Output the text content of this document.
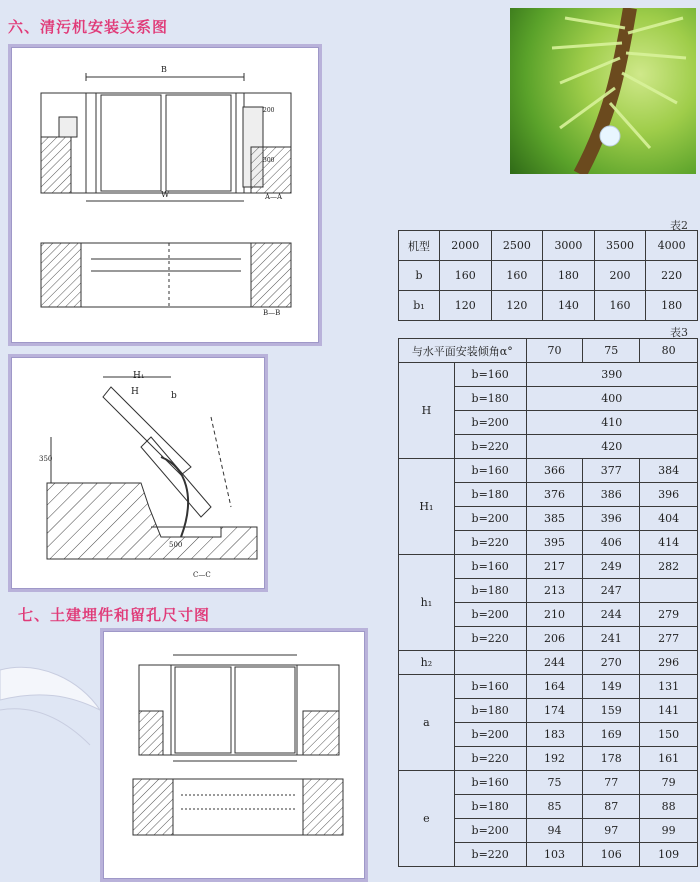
六、清污机安装关系图
七、土建埋件和留孔尺寸图
B
W
200
300
A—A
B—B
H₁
H	b
350
500
C—C
表2
机型	2000	2500	3000	3500	4000
b	160	160	180	200	220
b₁	120	120	140	160	180
表3
与水平面安装倾角α°		70	75	80
H	b=160	390		
	b=180	400		
	b=200	410		
	b=220	420		
H₁	b=160	366	377	384
	b=180	376	386	396
	b=200	385	396	404
	b=220	395	406	414
h₁	b=160	217	249	282
	b=180	213	247	
	b=200	210	244	279
	b=220	206	241	277
h₂		244	270	296
a	b=160	164	149	131
	b=180	174	159	141
	b=200	183	169	150
	b=220	192	178	161
e	b=160	75	77	79
	b=180	85	87	88
	b=200	94	97	99
	b=220	103	106	109
